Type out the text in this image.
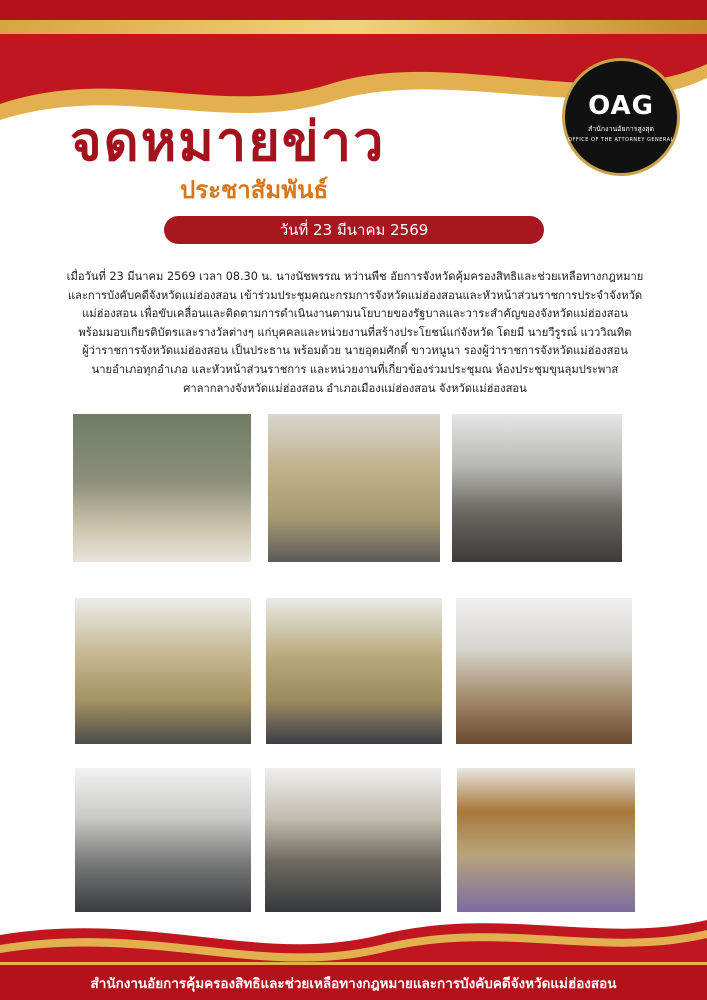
จดหมายข่าว
ประชาสัมพันธ์
OAG
สำนักงานอัยการสูงสุด
OFFICE OF THE ATTORNEY GENERAL
วันที่ 23 มีนาคม 2569
เมื่อวันที่ 23 มีนาคม 2569 เวลา 08.30 น. นางนัชพรรณ หว่านพืช อัยการจังหวัดคุ้มครองสิทธิและช่วยเหลือทางกฎหมาย
และการบังคับคดีจังหวัดแม่ฮ่องสอน เข้าร่วมประชุมคณะกรมการจังหวัดแม่ฮ่องสอนและหัวหน้าส่วนราชการประจำจังหวัด
แม่ฮ่องสอน เพื่อขับเคลื่อนและติดตามการดำเนินงานตามนโยบายของรัฐบาลและวาระสำคัญของจังหวัดแม่ฮ่องสอน
พร้อมมอบเกียรติบัตรและรางวัลต่างๆ แก่บุคคลและหน่วยงานที่สร้างประโยชน์แก่จังหวัด โดยมี นายวีรูรณ์ แวววิณทิต
ผู้ว่าราชการจังหวัดแม่ฮ่องสอน เป็นประธาน พร้อมด้วย นายอุดมศักดิ์ ขาวหนูนา รองผู้ว่าราชการจังหวัดแม่ฮ่องสอน
นายอำเภอทุกอำเภอ และหัวหน้าส่วนราชการ และหน่วยงานที่เกี่ยวข้องร่วมประชุมณ ห้องประชุมขุนลุมประพาส
ศาลากลางจังหวัดแม่ฮ่องสอน อำเภอเมืองแม่ฮ่องสอน จังหวัดแม่ฮ่องสอน
สำนักงานอัยการคุ้มครองสิทธิและช่วยเหลือทางกฎหมายและการบังคับคดีจังหวัดแม่ฮ่องสอน
